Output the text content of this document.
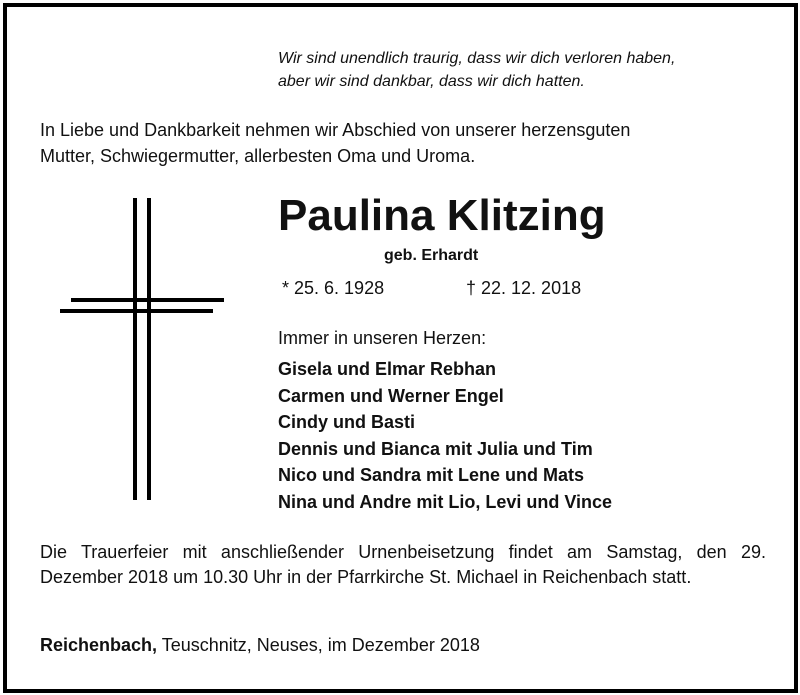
Wir sind unendlich traurig, dass wir dich verloren haben,
aber wir sind dankbar, dass wir dich hatten.
In Liebe und Dankbarkeit nehmen wir Abschied von unserer herzensguten
Mutter, Schwiegermutter, allerbesten Oma und Uroma.
Paulina Klitzing
geb. Erhardt
* 25. 6. 1928	† 22. 12. 2018
Immer in unseren Herzen:
Gisela und Elmar Rebhan
Carmen und Werner Engel
Cindy und Basti
Dennis und Bianca mit Julia und Tim
Nico und Sandra mit Lene und Mats
Nina und Andre mit Lio, Levi und Vince
Die Trauerfeier mit anschließender Urnenbeisetzung findet am Samstag, den 29. Dezember 2018 um 10.30 Uhr in der Pfarrkirche St. Michael in Reichenbach statt.
Reichenbach, Teuschnitz, Neuses, im Dezember 2018
